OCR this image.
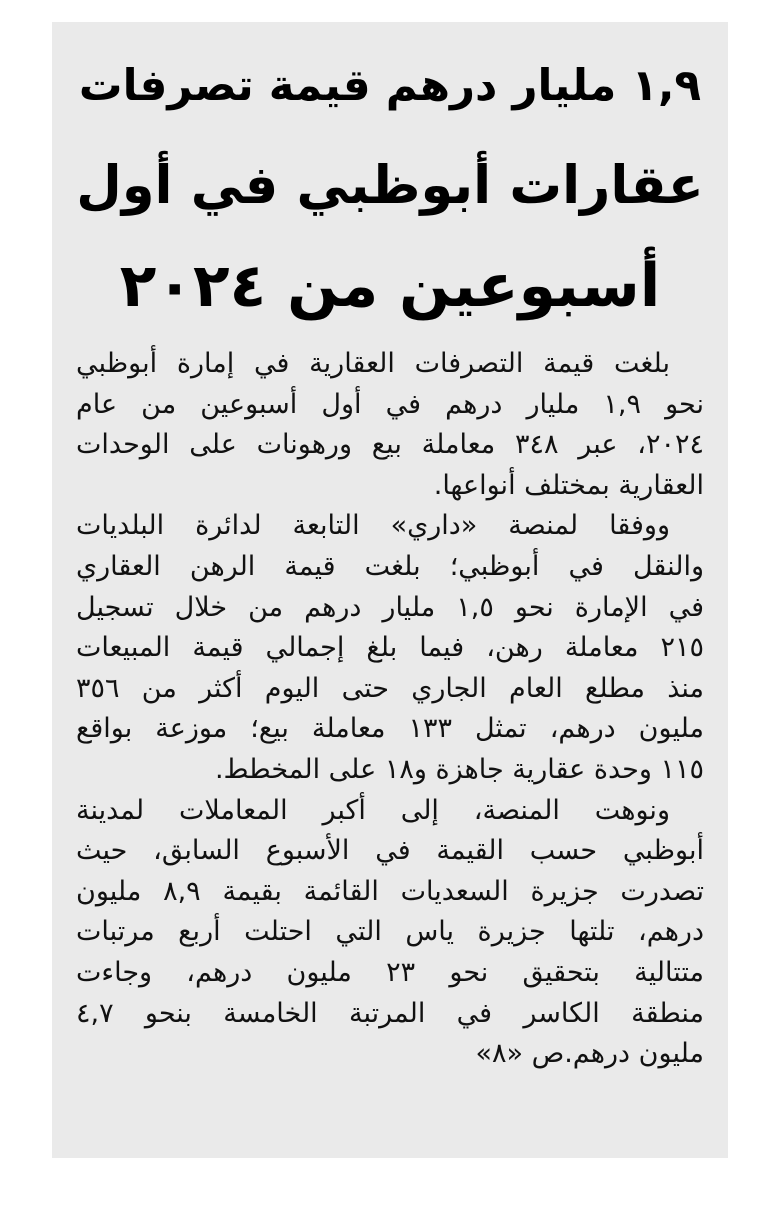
١,٩ مليار درهم قيمة تصرفات
عقارات أبوظبي في أول
أسبوعين من ٢٠٢٤

بلغت قيمة التصرفات العقارية في إمارة أبوظبي
نحو ١,٩ مليار درهم في أول أسبوعين من عام
٢٠٢٤، عبر ٣٤٨ معاملة بيع ورهونات على الوحدات
العقارية بمختلف أنواعها.

ووفقا لمنصة «داري» التابعة لدائرة البلديات
والنقل في أبوظبي؛ بلغت قيمة الرهن العقاري
في الإمارة نحو ١,٥ مليار درهم من خلال تسجيل
٢١٥ معاملة رهن، فيما بلغ إجمالي قيمة المبيعات
منذ مطلع العام الجاري حتى اليوم أكثر من ٣٥٦
مليون درهم، تمثل ١٣٣ معاملة بيع؛ موزعة بواقع
١١٥ وحدة عقارية جاهزة و١٨ على المخطط.

ونوهت المنصة، إلى أكبر المعاملات لمدينة
أبوظبي حسب القيمة في الأسبوع السابق، حيث
تصدرت جزيرة السعديات القائمة بقيمة ٨,٩ مليون
درهم، تلتها جزيرة ياس التي احتلت أربع مرتبات
متتالية بتحقيق نحو ٢٣ مليون درهم، وجاءت
منطقة الكاسر في المرتبة الخامسة بنحو ٤,٧
مليون درهم.ص «٨»
